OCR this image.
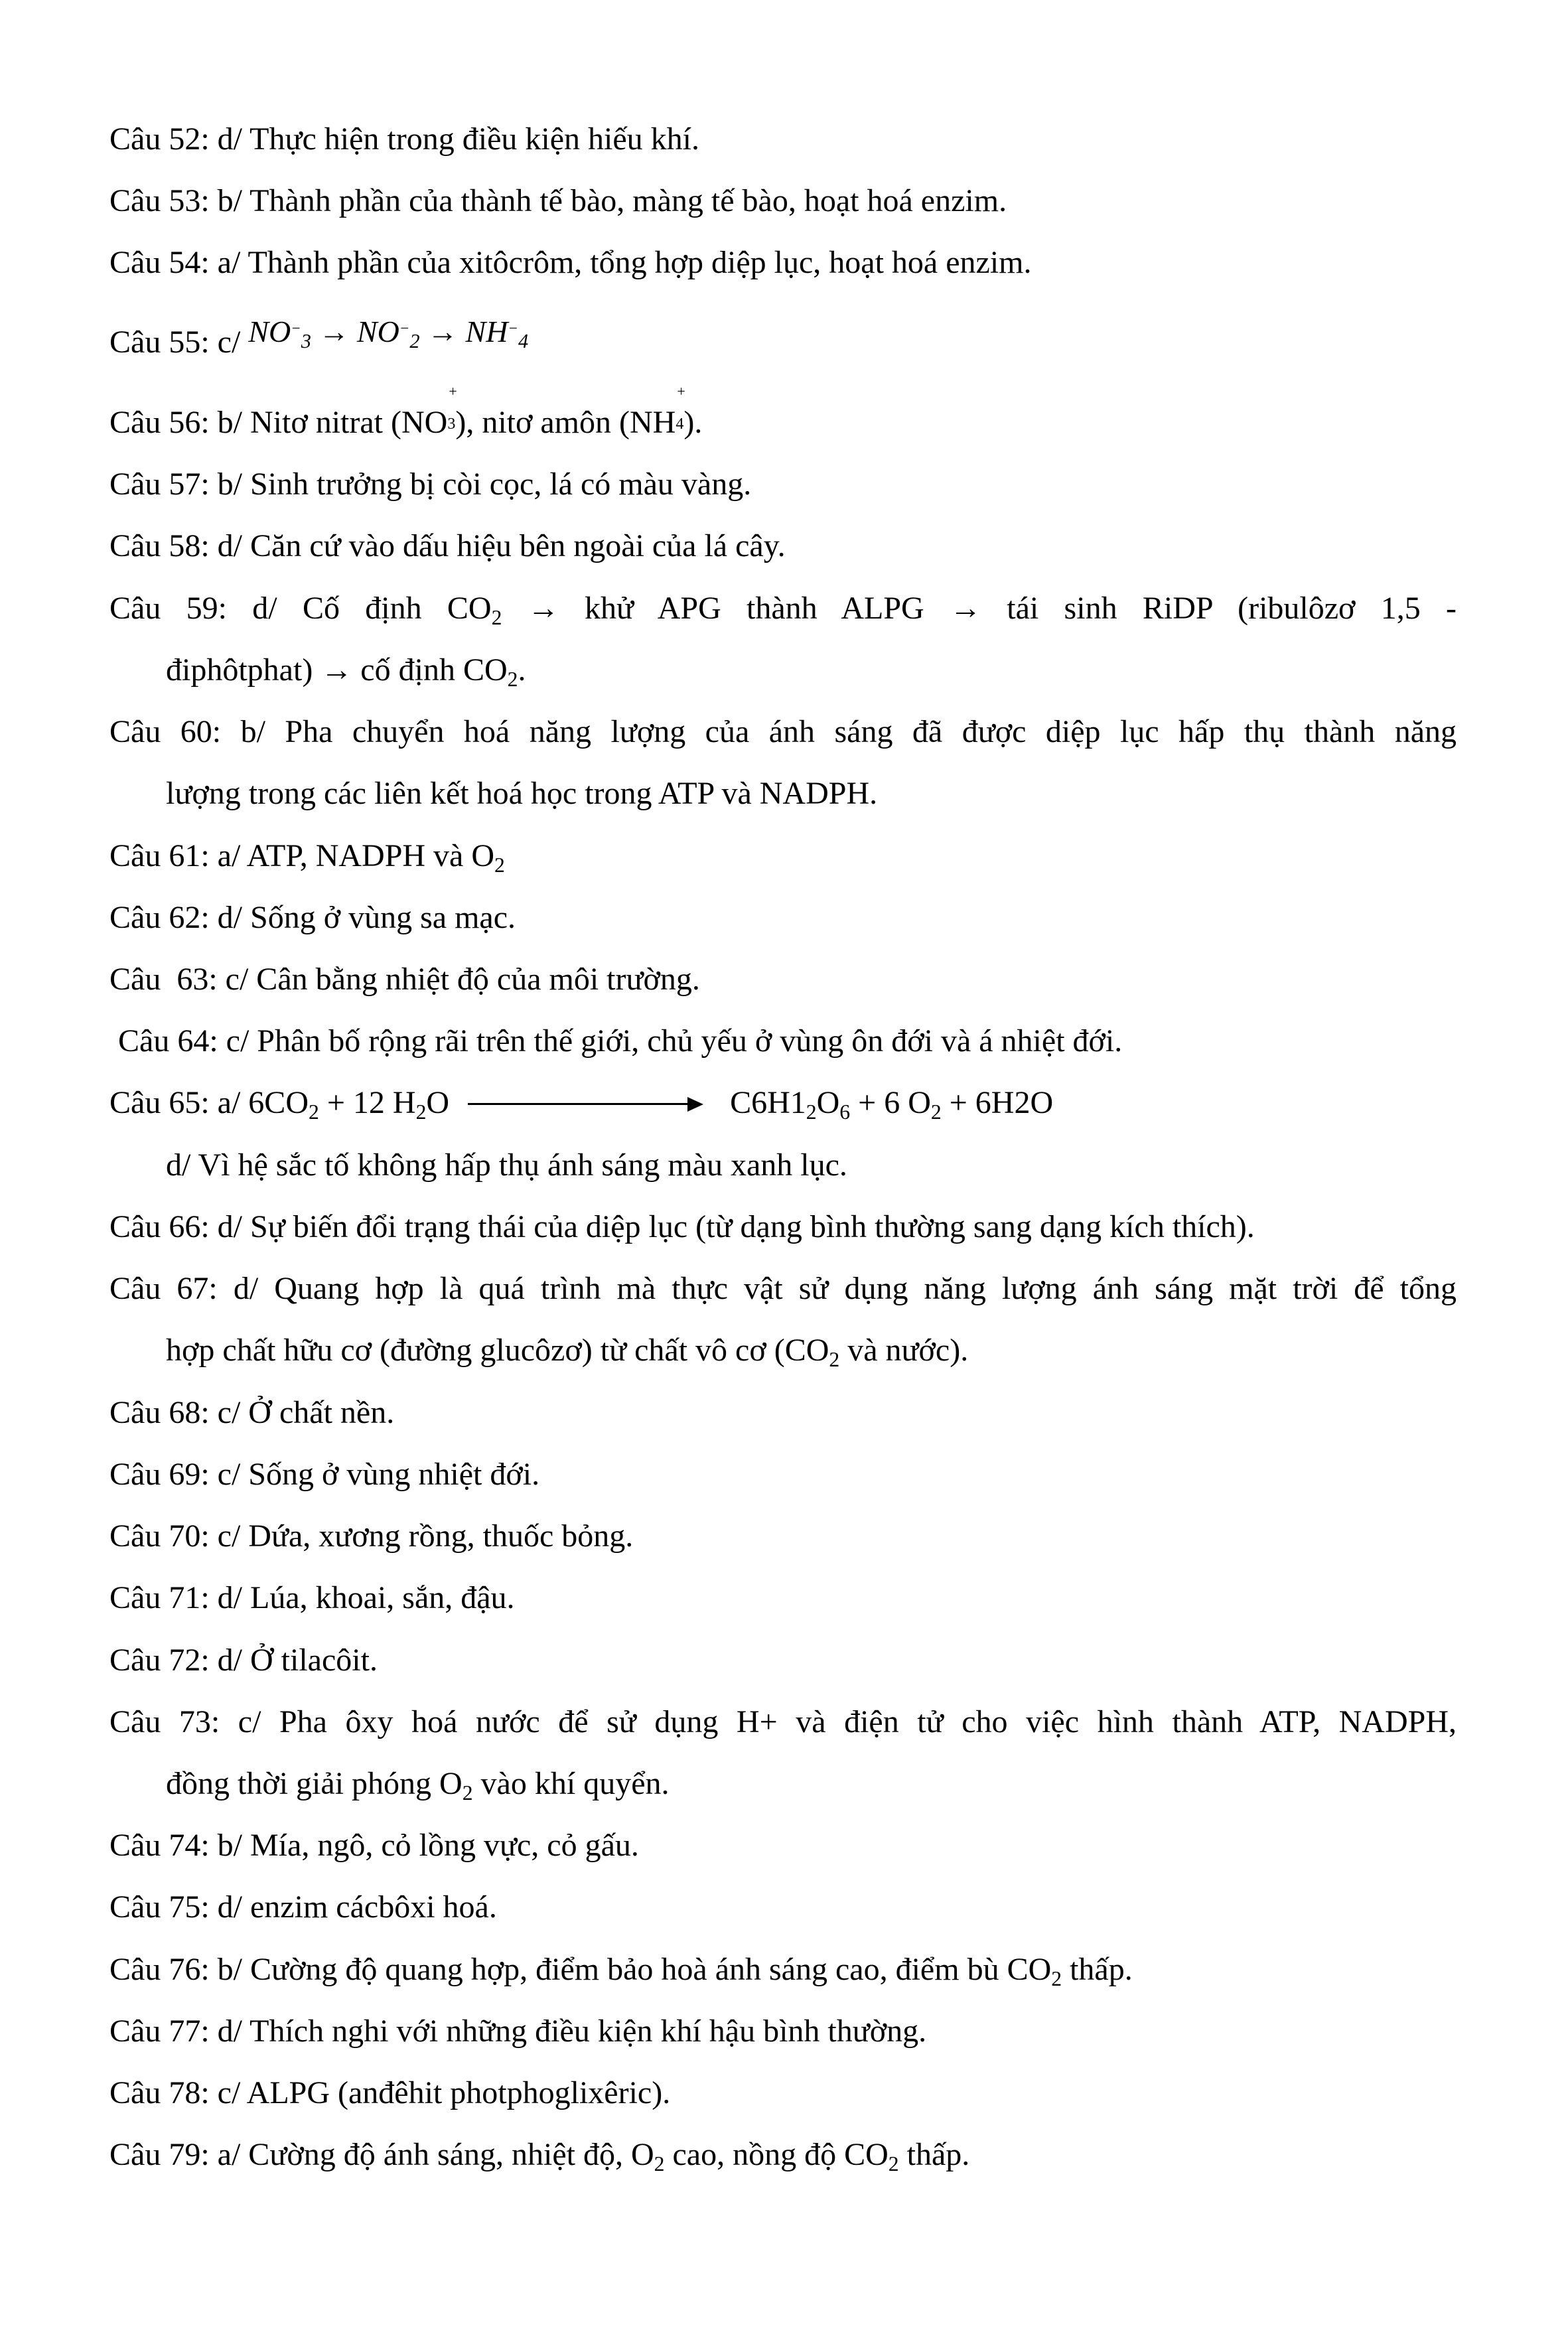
Câu 52: d/ Thực hiện trong điều kiện hiếu khí.
Câu 53: b/ Thành phần của thành tế bào, màng tế bào, hoạt hoá enzim.
Câu 54: a/ Thành phần của xitôcrôm, tổng hợp diệp lục, hoạt hoá enzim.
Câu 55: c/ NO−3 → NO−2 → NH−4
Câu 56: b/ Nitơ nitrat (NO
+
3), nitơ amôn (NH
+
4).
Câu 57: b/ Sinh trưởng bị còi cọc, lá có màu vàng.
Câu 58: d/ Căn cứ vào dấu hiệu bên ngoài của lá cây.
Câu 59: d/ Cố định CO2 → khử APG thành ALPG → tái sinh RiDP (ribulôzơ 1,5 -
điphôtphat) → cố định CO2.
Câu 60: b/ Pha chuyển hoá năng lượng của ánh sáng đã được diệp lục hấp thụ thành năng
lượng trong các liên kết hoá học trong ATP và NADPH.
Câu 61: a/ ATP, NADPH và O2
Câu 62: d/ Sống ở vùng sa mạc.
Câu  63: c/ Cân bằng nhiệt độ của môi trường.
Câu 64: c/ Phân bố rộng rãi trên thế giới, chủ yếu ở vùng ôn đới và á nhiệt đới.
Câu 65: a/ 6CO2 + 12 H2O	C6H12O6 + 6 O2 + 6H2O
d/ Vì hệ sắc tố không hấp thụ ánh sáng màu xanh lục.
Câu 66: d/ Sự biến đổi trạng thái của diệp lục (từ dạng bình thường sang dạng kích thích).
Câu 67: d/ Quang hợp là quá trình mà thực vật sử dụng năng lượng ánh sáng mặt trời để tổng
hợp chất hữu cơ (đường glucôzơ) từ chất vô cơ (CO2 và nước).
Câu 68: c/ Ở chất nền.
Câu 69: c/ Sống ở vùng nhiệt đới.
Câu 70: c/ Dứa, xương rồng, thuốc bỏng.
Câu 71: d/ Lúa, khoai, sắn, đậu.
Câu 72: d/ Ở tilacôit.
Câu 73: c/ Pha ôxy hoá nước để sử dụng H+ và điện tử cho việc hình thành ATP, NADPH,
đồng thời giải phóng O2 vào khí quyển.
Câu 74: b/ Mía, ngô, cỏ lồng vực, cỏ gấu.
Câu 75: d/ enzim cácbôxi hoá.
Câu 76: b/ Cường độ quang hợp, điểm bảo hoà ánh sáng cao, điểm bù CO2 thấp.
Câu 77: d/ Thích nghi với những điều kiện khí hậu bình thường.
Câu 78: c/ ALPG (anđêhit photphoglixêric).
Câu 79: a/ Cường độ ánh sáng, nhiệt độ, O2 cao, nồng độ CO2 thấp.
